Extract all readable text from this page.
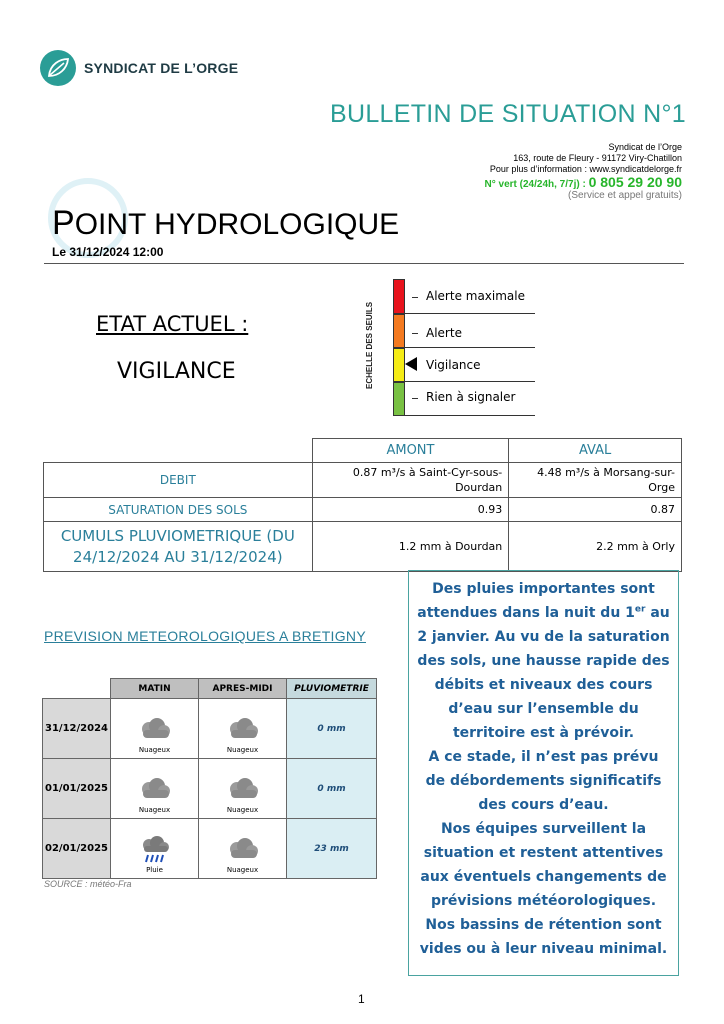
SYNDICAT DE L’ORGE
BULLETIN DE SITUATION N°1
Syndicat de l’Orge
163, route de Fleury - 91172 Viry-Chatillon
Pour plus d’information : www.syndicatdelorge.fr
N° vert (24/24h, 7/7j) : 0 805 29 20 90
(Service et appel gratuits)
POINT HYDROLOGIQUE
Le 31/12/2024 12:00
ETAT ACTUEL :
VIGILANCE	ECHELLE DES SEUILS
Alerte maximale
Alerte
Vigilance
Rien à signaler
	AMONT	AVAL
DEBIT	0.87 m³/s à Saint-Cyr-sous-Dourdan	4.48 m³/s à Morsang-sur-Orge
SATURATION DES SOLS	0.93	0.87
CUMULS PLUVIOMETRIQUE (DU 24/12/2024 AU 31/12/2024)	1.2 mm à Dourdan	2.2 mm à Orly
PREVISION METEOROLOGIQUES A BRETIGNY
	MATIN	APRES-MIDI	PLUVIOMETRIE
31/12/2024	Nuageux	Nuageux	0 mm
01/01/2025	Nuageux	Nuageux	0 mm
02/01/2025	Pluie	Nuageux	23 mm
SOURCE : météo-Fra

Des pluies importantes sont attendues dans la nuit du 1er au 2 janvier. Au vu de la saturation des sols, une hausse rapide des débits et niveaux des cours d’eau sur l’ensemble du territoire est à prévoir.

A ce stade, il n’est pas prévu de débordements significatifs des cours d’eau.

Nos équipes surveillent la situation et restent attentives aux éventuels changements de prévisions météorologiques. Nos bassins de rétention sont vides ou à leur niveau minimal.

1
